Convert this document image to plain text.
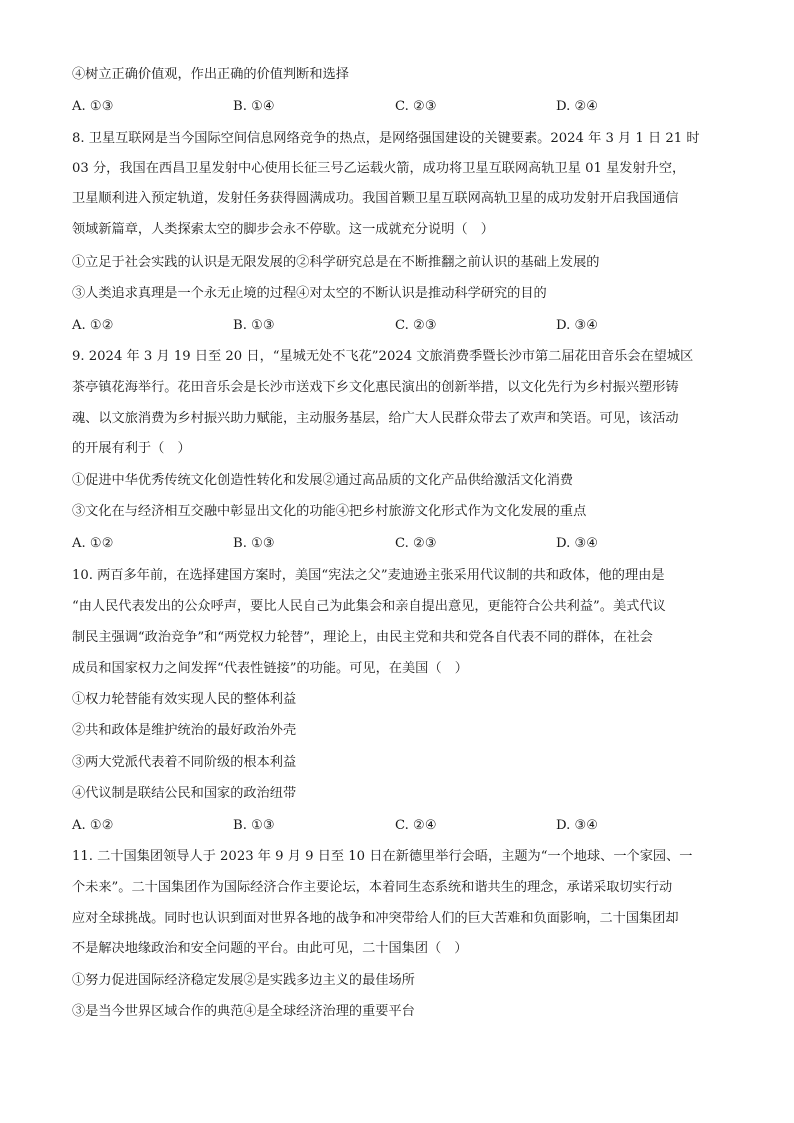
④树立正确价值观，作出正确的价值判断和选择
A. ①③	B. ①④	C. ②③	D. ②④
8. 卫星互联网是当今国际空间信息网络竞争的热点，是网络强国建设的关键要素。2024 年 3 月 1 日 21 时
03 分，我国在西昌卫星发射中心使用长征三号乙运载火箭，成功将卫星互联网高轨卫星 01 星发射升空，
卫星顺利进入预定轨道，发射任务获得圆满成功。我国首颗卫星互联网高轨卫星的成功发射开启我国通信
领域新篇章，人类探索太空的脚步会永不停歇。这一成就充分说明（　）
①立足于社会实践的认识是无限发展的②科学研究总是在不断推翻之前认识的基础上发展的
③人类追求真理是一个永无止境的过程④对太空的不断认识是推动科学研究的目的
A. ①②	B. ①③	C. ②③	D. ③④
9. 2024 年 3 月 19 日至 20 日，“星城无处不飞花”2024 文旅消费季暨长沙市第二届花田音乐会在望城区
茶亭镇花海举行。花田音乐会是长沙市送戏下乡文化惠民演出的创新举措，以文化先行为乡村振兴塑形铸
魂、以文旅消费为乡村振兴助力赋能，主动服务基层，给广大人民群众带去了欢声和笑语。可见，该活动
的开展有利于（　）
①促进中华优秀传统文化创造性转化和发展②通过高品质的文化产品供给激活文化消费
③文化在与经济相互交融中彰显出文化的功能④把乡村旅游文化形式作为文化发展的重点
A. ①②	B. ①③	C. ②③	D. ③④
10. 两百多年前，在选择建国方案时，美国“宪法之父”麦迪逊主张采用代议制的共和政体，他的理由是
“由人民代表发出的公众呼声，要比人民自己为此集会和亲自提出意见，更能符合公共利益”。美式代议
制民主强调“政治竞争”和“两党权力轮替”，理论上，由民主党和共和党各自代表不同的群体，在社会
成员和国家权力之间发挥“代表性链接”的功能。可见，在美国（　）
①权力轮替能有效实现人民的整体利益
②共和政体是维护统治的最好政治外壳
③两大党派代表着不同阶级的根本利益
④代议制是联结公民和国家的政治纽带
A. ①②	B. ①③	C. ②④	D. ③④
11. 二十国集团领导人于 2023 年 9 月 9 日至 10 日在新德里举行会晤，主题为“一个地球、一个家园、一
个未来”。二十国集团作为国际经济合作主要论坛，本着同生态系统和谐共生的理念，承诺采取切实行动
应对全球挑战。同时也认识到面对世界各地的战争和冲突带给人们的巨大苦难和负面影响，二十国集团却
不是解决地缘政治和安全问题的平台。由此可见，二十国集团（　）
①努力促进国际经济稳定发展②是实践多边主义的最佳场所
③是当今世界区域合作的典范④是全球经济治理的重要平台
